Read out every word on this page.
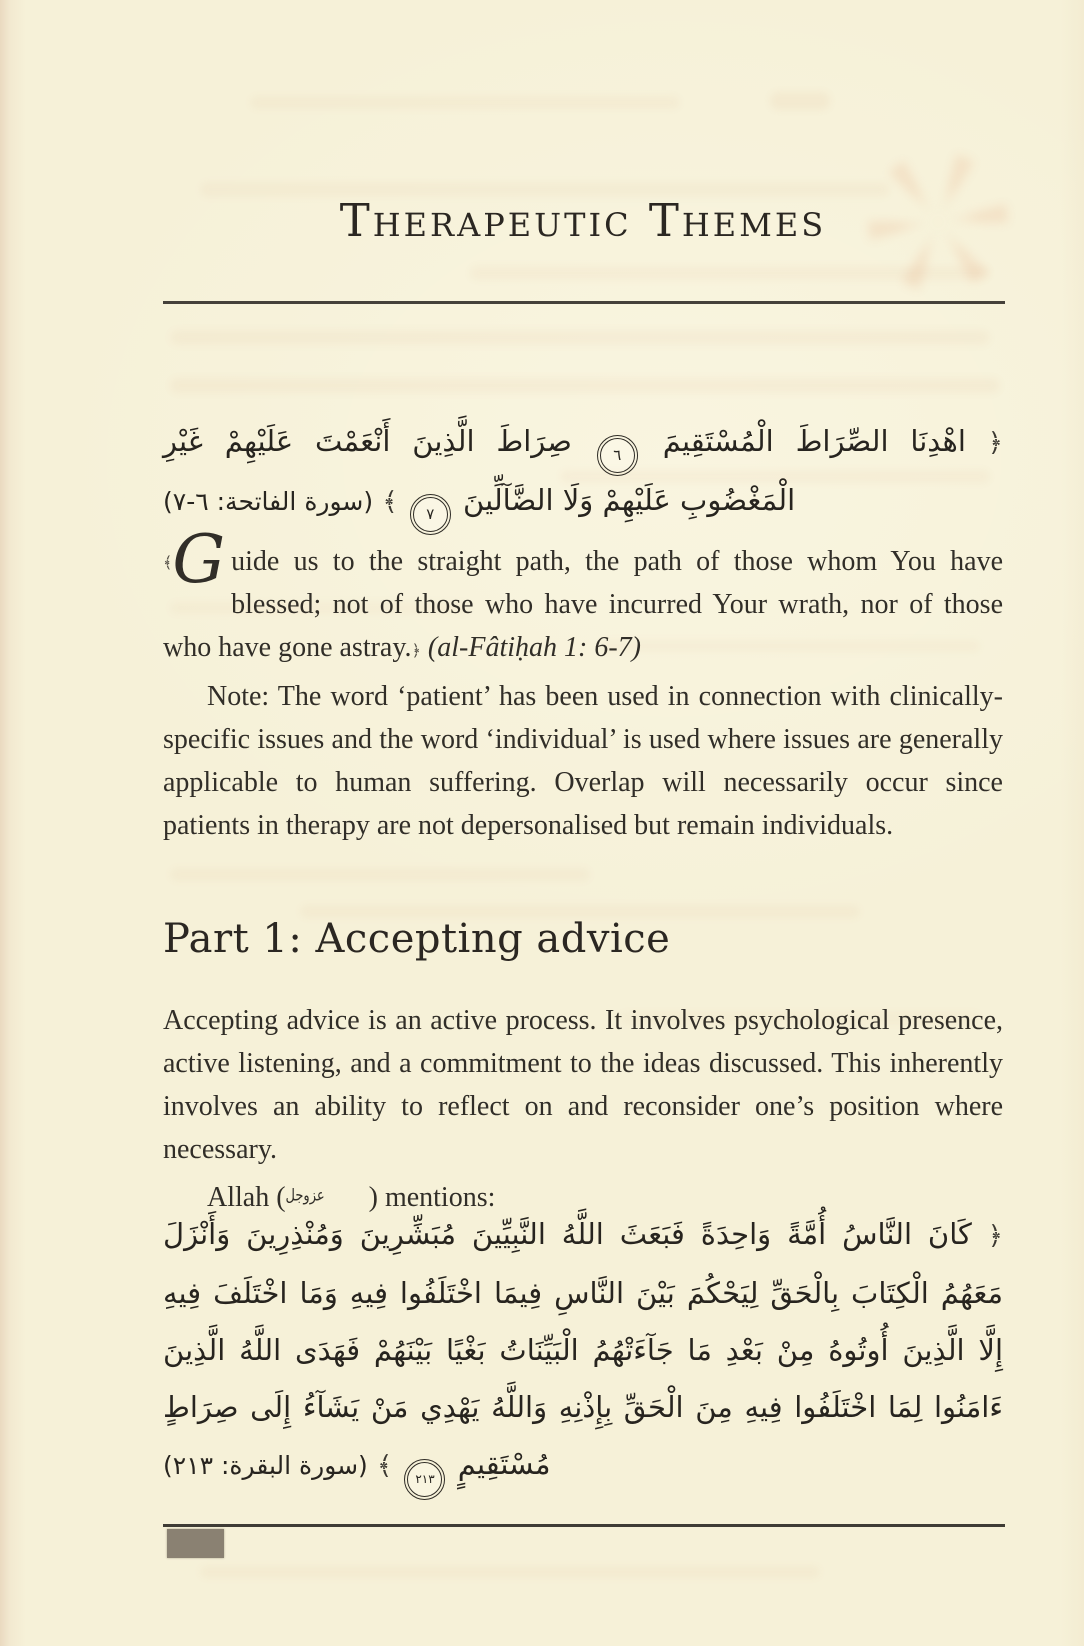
Therapeutic Themes
﴿ اهْدِنَا الصِّرَاطَ الْمُسْتَقِيمَ
٦
صِرَاطَ الَّذِينَ أَنْعَمْتَ عَلَيْهِمْ غَيْرِ الْمَغْضُوبِ عَلَيْهِمْ وَلَا الضَّآلِّينَ
٧
﴾ (سورة الفاتحة: ٦-٧)

﴾G uide us to the straight path, the path of those whom You have blessed; not of those who have incurred Your wrath, nor of those who have gone astray.﴿ (al-Fâtiḥah 1: 6-7)

Note: The word ‘patient’ has been used in connection with clinically-specific issues and the word ‘individual’ is used where issues are generally applicable to human suffering. Overlap will necessarily occur since patients in therapy are not depersonalised but remain individuals.

Part 1: Accepting advice

Accepting advice is an active process. It involves psychological presence, active listening, and a commitment to the ideas discussed. This inherently involves an ability to reflect on and reconsider one’s position where necessary.

Allah (عزوجل ) mentions:

﴿ كَانَ النَّاسُ أُمَّةً وَاحِدَةً فَبَعَثَ اللَّهُ النَّبِيِّينَ مُبَشِّرِينَ وَمُنْذِرِينَ وَأَنْزَلَ مَعَهُمُ الْكِتَابَ بِالْحَقِّ لِيَحْكُمَ بَيْنَ النَّاسِ فِيمَا اخْتَلَفُوا فِيهِ وَمَا اخْتَلَفَ فِيهِ إِلَّا الَّذِينَ أُوتُوهُ مِنْ بَعْدِ مَا جَآءَتْهُمُ الْبَيِّنَاتُ بَغْيًا بَيْنَهُمْ فَهَدَى اللَّهُ الَّذِينَ ءَامَنُوا لِمَا اخْتَلَفُوا فِيهِ مِنَ الْحَقِّ بِإِذْنِهِ وَاللَّهُ يَهْدِي مَنْ يَشَآءُ إِلَى صِرَاطٍ مُسْتَقِيمٍ
٢١٣
﴾ (سورة البقرة: ٢١٣)
